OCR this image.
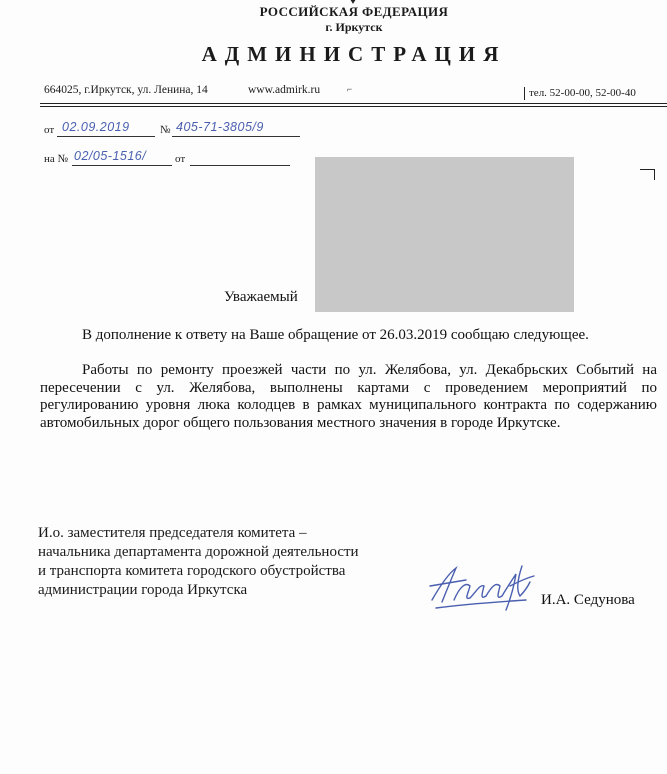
РОССИЙСКАЯ ФЕДЕРАЦИЯ
г. Иркутск
АДМИНИСТРАЦИЯ
664025, г.Иркутск, ул. Ленина, 14	www.admirk.ru	⌐	тел. 52-00-00, 52-00-40
от 02.09.2019	№ 405-71-3805/9
на № 02/05-1516/	от
Уважаемый
В дополнение к ответу на Ваше обращение от 26.03.2019 сообщаю следующее.
Работы по ремонту проезжей части по ул. Желябова, ул. Декабрьских Событий на пересечении с ул. Желябова, выполнены картами с проведением мероприятий по регулированию уровня люка колодцев в рамках муниципального контракта по содержанию автомобильных дорог общего пользования местного значения в городе Иркутске.
И.о. заместителя председателя комитета –
начальника департамента дорожной деятельности
и транспорта комитета городского обустройства
администрации города Иркутска
И.А. Седунова
